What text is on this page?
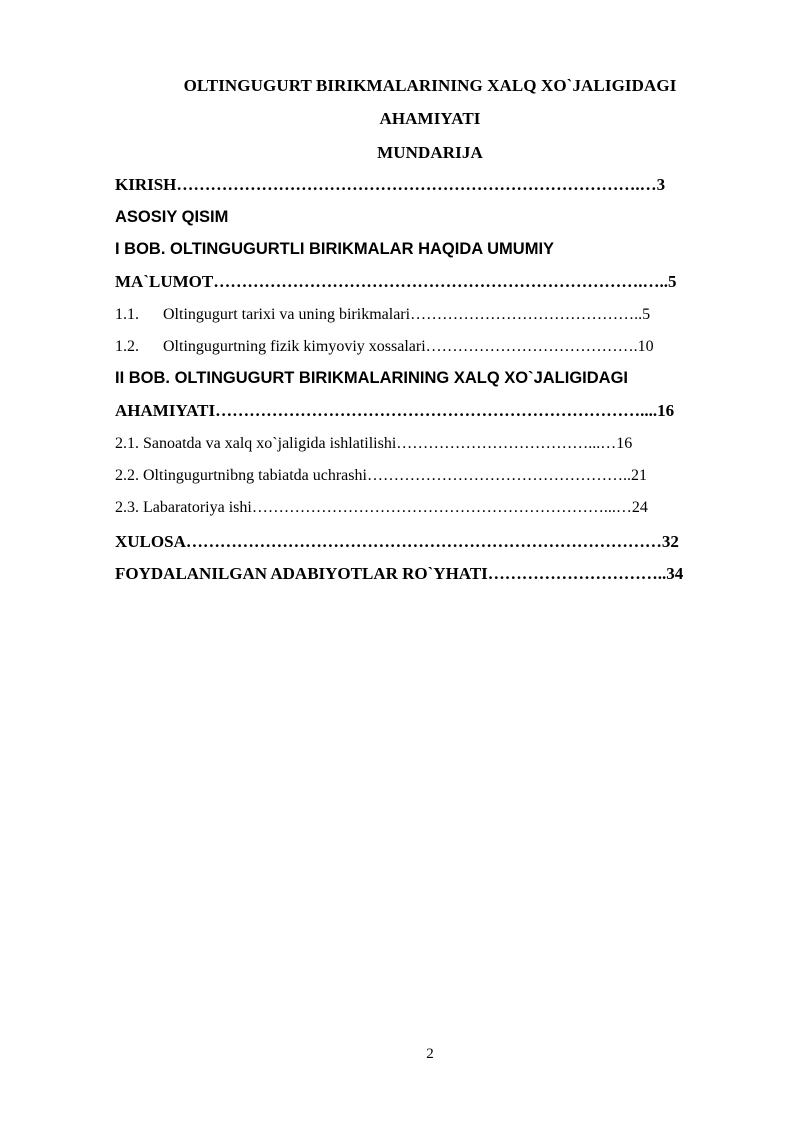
OLTINGUGURT BIRIKMALARINING XALQ XO`JALIGIDAGI
AHAMIYATI
MUNDARIJA
KIRISH……………………………………………………………………….…3
ASOSIY QISIM
I BOB. OLTINGUGURTLI BIRIKMALAR HAQIDA UMUMIY
MA`LUMOT………………………………………………………………….…..5
1.1. Oltingugurt tarixi va uning birikmalari……………………………………..5
1.2. Oltingugurtning fizik kimyoviy xossalari………………………………….10
II BOB. OLTINGUGURT BIRIKMALARINING XALQ XO`JALIGIDAGI
AHAMIYATI…………………………………………………………………....16
2.1. Sanoatda va xalq xo`jaligida ishlatilishi………………………………...…16
2.2. Oltingugurtnibng tabiatda uchrashi…………………………………………..21
2.3. Labaratoriya ishi…………………………………………………………...…24
XULOSA…………………………………………………………………………32
FOYDALANILGAN ADABIYOTLAR RO`YHATI…………………………..34
2
